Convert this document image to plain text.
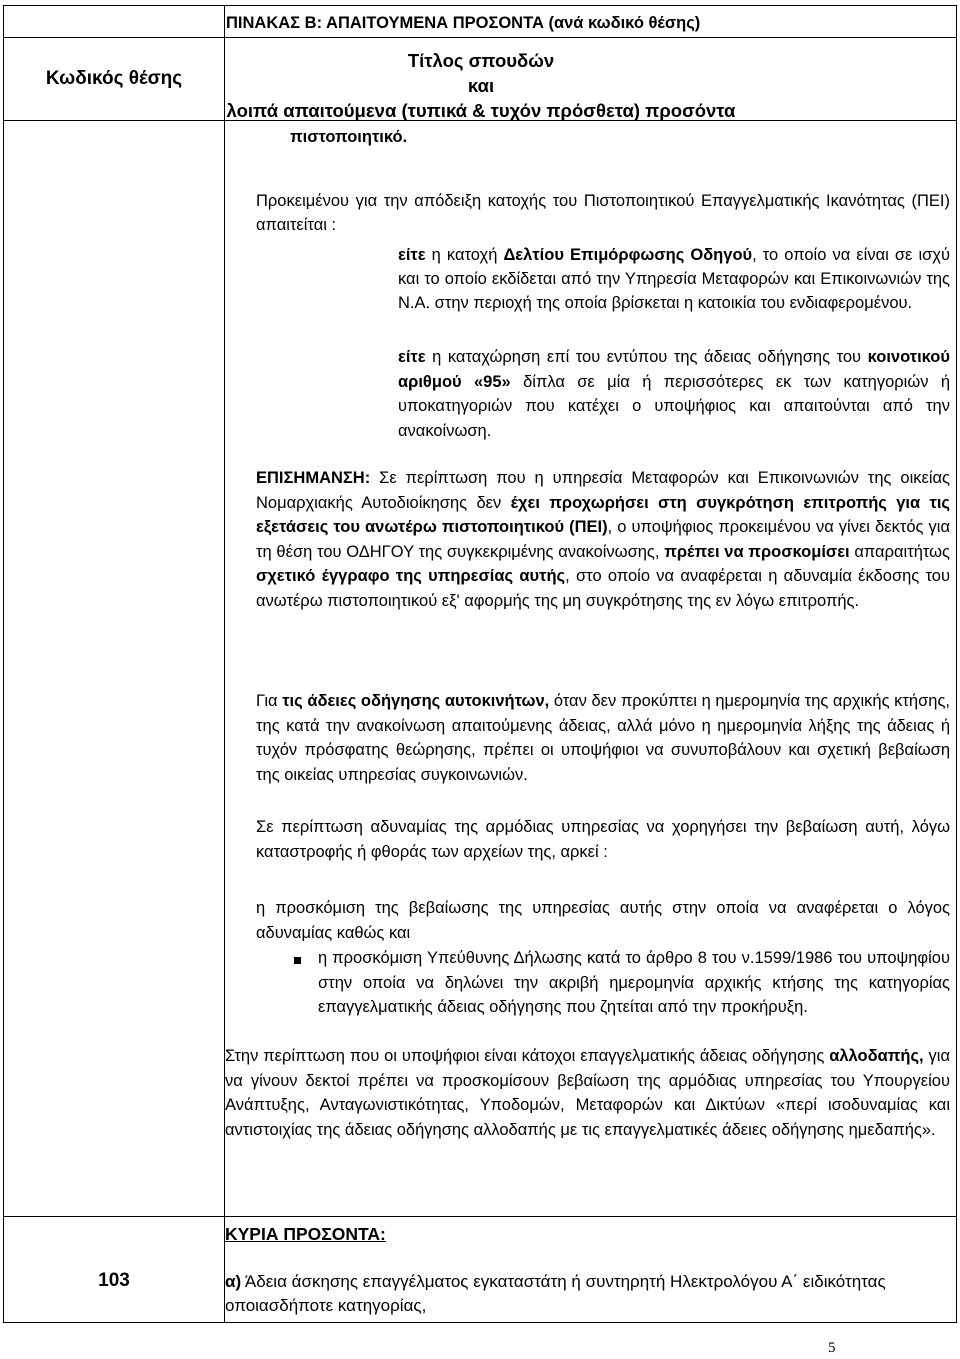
ΠΙΝΑΚΑΣ Β: ΑΠΑΙΤΟΥΜΕΝΑ ΠΡΟΣΟΝΤΑ (ανά κωδικό θέσης)
Κωδικός θέσης
Τίτλος σπουδών
και
λοιπά απαιτούμενα (τυπικά & τυχόν πρόσθετα) προσόντα
πιστοποιητικό.
Προκειμένου για την απόδειξη κατοχής του Πιστοποιητικού Επαγγελματικής Ικανότητας (ΠΕΙ) απαιτείται :
είτε η κατοχή Δελτίου Επιμόρφωσης Οδηγού, το οποίο να είναι σε ισχύ και το οποίο εκδίδεται από την Υπηρεσία Μεταφορών και Επικοινωνιών της Ν.Α. στην περιοχή της οποία βρίσκεται η κατοικία του ενδιαφερομένου.
είτε η καταχώρηση επί του εντύπου της άδειας οδήγησης του κοινοτικού αριθμού «95» δίπλα σε μία ή περισσότερες εκ των κατηγοριών ή υποκατηγοριών που κατέχει ο υποψήφιος και απαιτούνται από την ανακοίνωση.
ΕΠΙΣΗΜΑΝΣΗ: Σε περίπτωση που η υπηρεσία Μεταφορών και Επικοινωνιών της οικείας Νομαρχιακής Αυτοδιοίκησης δεν έχει προχωρήσει στη συγκρότηση επιτροπής για τις εξετάσεις του ανωτέρω πιστοποιητικού (ΠΕΙ), ο υποψήφιος προκειμένου να γίνει δεκτός για τη θέση του ΟΔΗΓΟΥ της συγκεκριμένης ανακοίνωσης, πρέπει να προσκομίσει απαραιτήτως σχετικό έγγραφο της υπηρεσίας αυτής, στο οποίο να αναφέρεται η αδυναμία έκδοσης του ανωτέρω πιστοποιητικού εξ' αφορμής της μη συγκρότησης της εν λόγω επιτροπής.
Για τις άδειες οδήγησης αυτοκινήτων, όταν δεν προκύπτει η ημερομηνία της αρχικής κτήσης, της κατά την ανακοίνωση απαιτούμενης άδειας, αλλά μόνο η ημερομηνία λήξης της άδειας ή τυχόν πρόσφατης θεώρησης, πρέπει οι υποψήφιοι να συνυποβάλουν και σχετική βεβαίωση της οικείας υπηρεσίας συγκοινωνιών.
Σε περίπτωση αδυναμίας της αρμόδιας υπηρεσίας να χορηγήσει την βεβαίωση αυτή, λόγω καταστροφής ή φθοράς των αρχείων της, αρκεί :
η προσκόμιση της βεβαίωσης της υπηρεσίας αυτής στην οποία να αναφέρεται ο λόγος αδυναμίας καθώς και
η προσκόμιση Υπεύθυνης Δήλωσης κατά το άρθρο 8 του ν.1599/1986 του υποψηφίου στην οποία να δηλώνει την ακριβή ημερομηνία αρχικής κτήσης της κατηγορίας επαγγελματικής άδειας οδήγησης που ζητείται από την προκήρυξη.
Στην περίπτωση που οι υποψήφιοι είναι κάτοχοι επαγγελματικής άδειας οδήγησης αλλοδαπής, για να γίνουν δεκτοί πρέπει να προσκομίσουν βεβαίωση της αρμόδιας υπηρεσίας του Υπουργείου Ανάπτυξης, Ανταγωνιστικότητας, Υποδομών, Μεταφορών και Δικτύων «περί ισοδυναμίας και αντιστοιχίας της άδειας οδήγησης αλλοδαπής με τις επαγγελματικές άδειες οδήγησης ημεδαπής».
103
ΚΥΡΙΑ ΠΡΟΣΟΝΤΑ:
α) Άδεια άσκησης επαγγέλματος εγκαταστάτη ή συντηρητή Ηλεκτρολόγου Α΄ ειδικότητας οποιασδήποτε κατηγορίας,
5
